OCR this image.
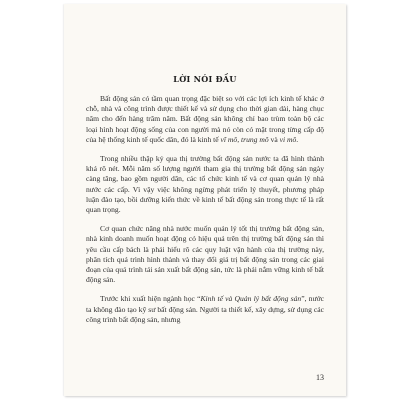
LỜI NÓI ĐẦU

Bất động sản có tầm quan trọng đặc biệt so với các lợi ích kinh tế khác ở chỗ, nhà và công trình được thiết kế và sử dụng cho thời gian dài, hàng chục năm cho đến hàng trăm năm. Bất động sản không chỉ bao trùm toàn bộ các loại hình hoạt động sống của con người mà nó còn có mặt trong từng cấp độ của hệ thống kinh tế quốc dân, đó là kinh tế vĩ mô, trung mô và vi mô.

Trong nhiều thập kỷ qua thị trường bất động sản nước ta đã hình thành khá rõ nét. Mỗi năm số lượng người tham gia thị trường bất động sản ngày càng tăng, bao gồm người dân, các tổ chức kinh tế và cơ quan quản lý nhà nước các cấp. Vì vậy việc không ngừng phát triển lý thuyết, phương pháp luận đào tạo, bồi dưỡng kiến thức về kinh tế bất động sản trong thực tế là rất quan trọng.

Cơ quan chức năng nhà nước muốn quản lý tốt thị trường bất động sản, nhà kinh doanh muốn hoạt động có hiệu quả trên thị trường bất động sản thì yêu cầu cấp bách là phải hiểu rõ các quy luật vận hành của thị trường này, phân tích quá trình hình thành và thay đổi giá trị bất động sản trong các giai đoạn của quá trình tái sản xuất bất động sản, tức là phải nắm vững kinh tế bất động sản.

Trước khi xuất hiện ngành học “Kinh tế và Quản lý bất động sản”, nước ta không đào tạo kỹ sư bất động sản. Người ta thiết kế, xây dựng, sử dụng các công trình bất động sản, nhưng

13
